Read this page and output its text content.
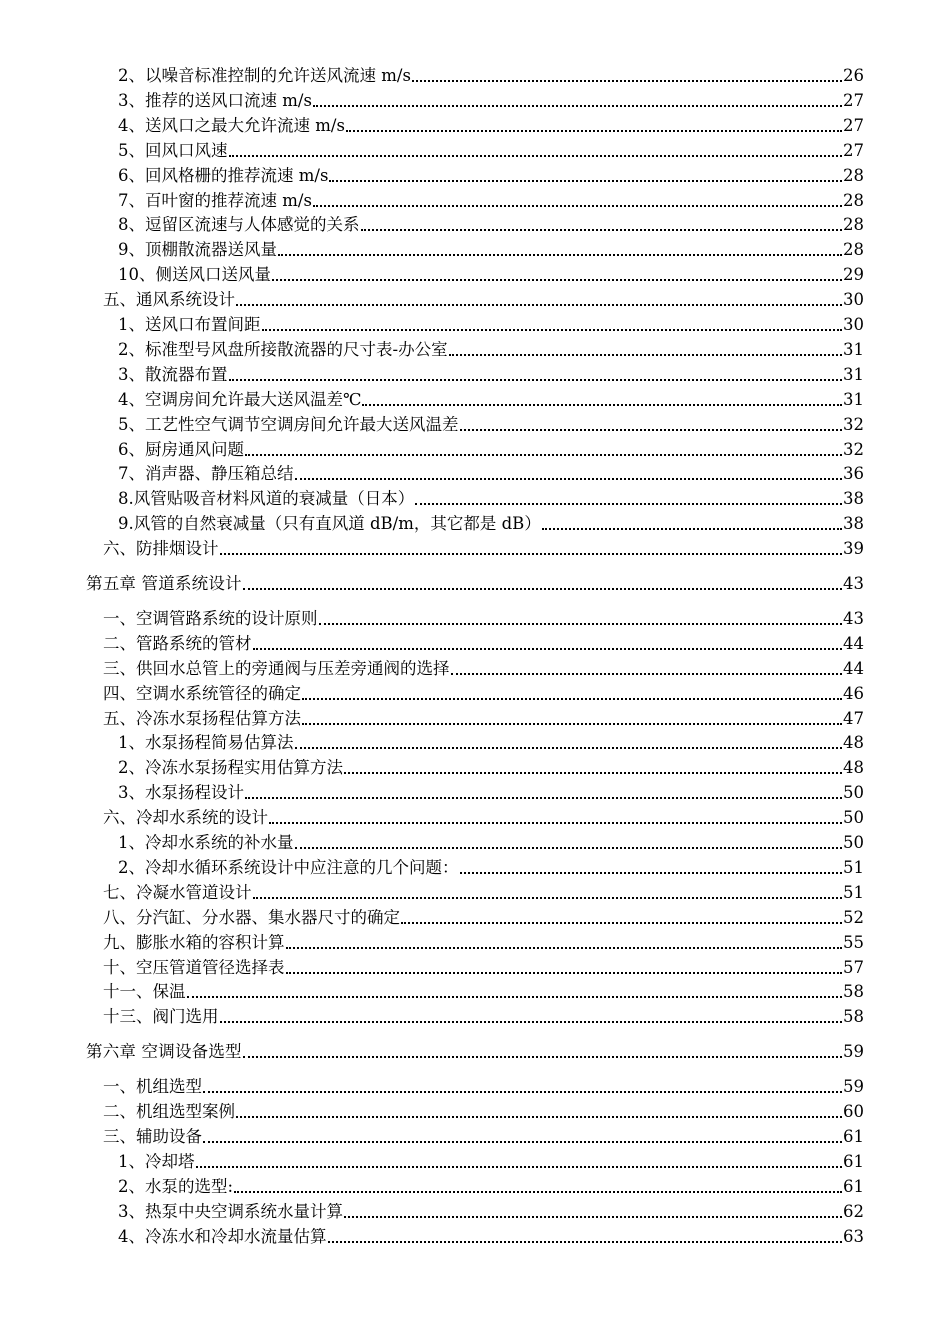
2、以噪音标准控制的允许送风流速 m/s	26
3、推荐的送风口流速 m/s	27
4、送风口之最大允许流速 m/s	27
5、回风口风速	27
6、回风格栅的推荐流速 m/s	28
7、百叶窗的推荐流速 m/s	28
8、逗留区流速与人体感觉的关系	28
9、顶棚散流器送风量	28
10、侧送风口送风量	29
五、通风系统设计	30
1、送风口布置间距	30
2、标准型号风盘所接散流器的尺寸表-办公室	31
3、散流器布置	31
4、空调房间允许最大送风温差℃	31
5、工艺性空气调节空调房间允许最大送风温差	32
6、厨房通风问题	32
7、消声器、静压箱总结	36
8.风管贴吸音材料风道的衰减量（日本）	38
9.风管的自然衰减量（只有直风道 dB/m，其它都是 dB）	38
六、防排烟设计	39
第五章 管道系统设计	43
一、空调管路系统的设计原则	43
二、管路系统的管材	44
三、供回水总管上的旁通阀与压差旁通阀的选择	44
四、空调水系统管径的确定	46
五、冷冻水泵扬程估算方法	47
1、水泵扬程简易估算法	48
2、冷冻水泵扬程实用估算方法	48
3、水泵扬程设计	50
六、冷却水系统的设计	50
1、冷却水系统的补水量	50
2、冷却水循环系统设计中应注意的几个问题：	51
七、冷凝水管道设计	51
八、分汽缸、分水器、集水器尺寸的确定	52
九、膨胀水箱的容积计算	55
十、空压管道管径选择表	57
十一、保温	58
十三、阀门选用	58
第六章 空调设备选型	59
一、机组选型	59
二、机组选型案例	60
三、辅助设备	61
1、冷却塔	61
2、水泵的选型:	61
3、热泵中央空调系统水量计算	62
4、冷冻水和冷却水流量估算	63
